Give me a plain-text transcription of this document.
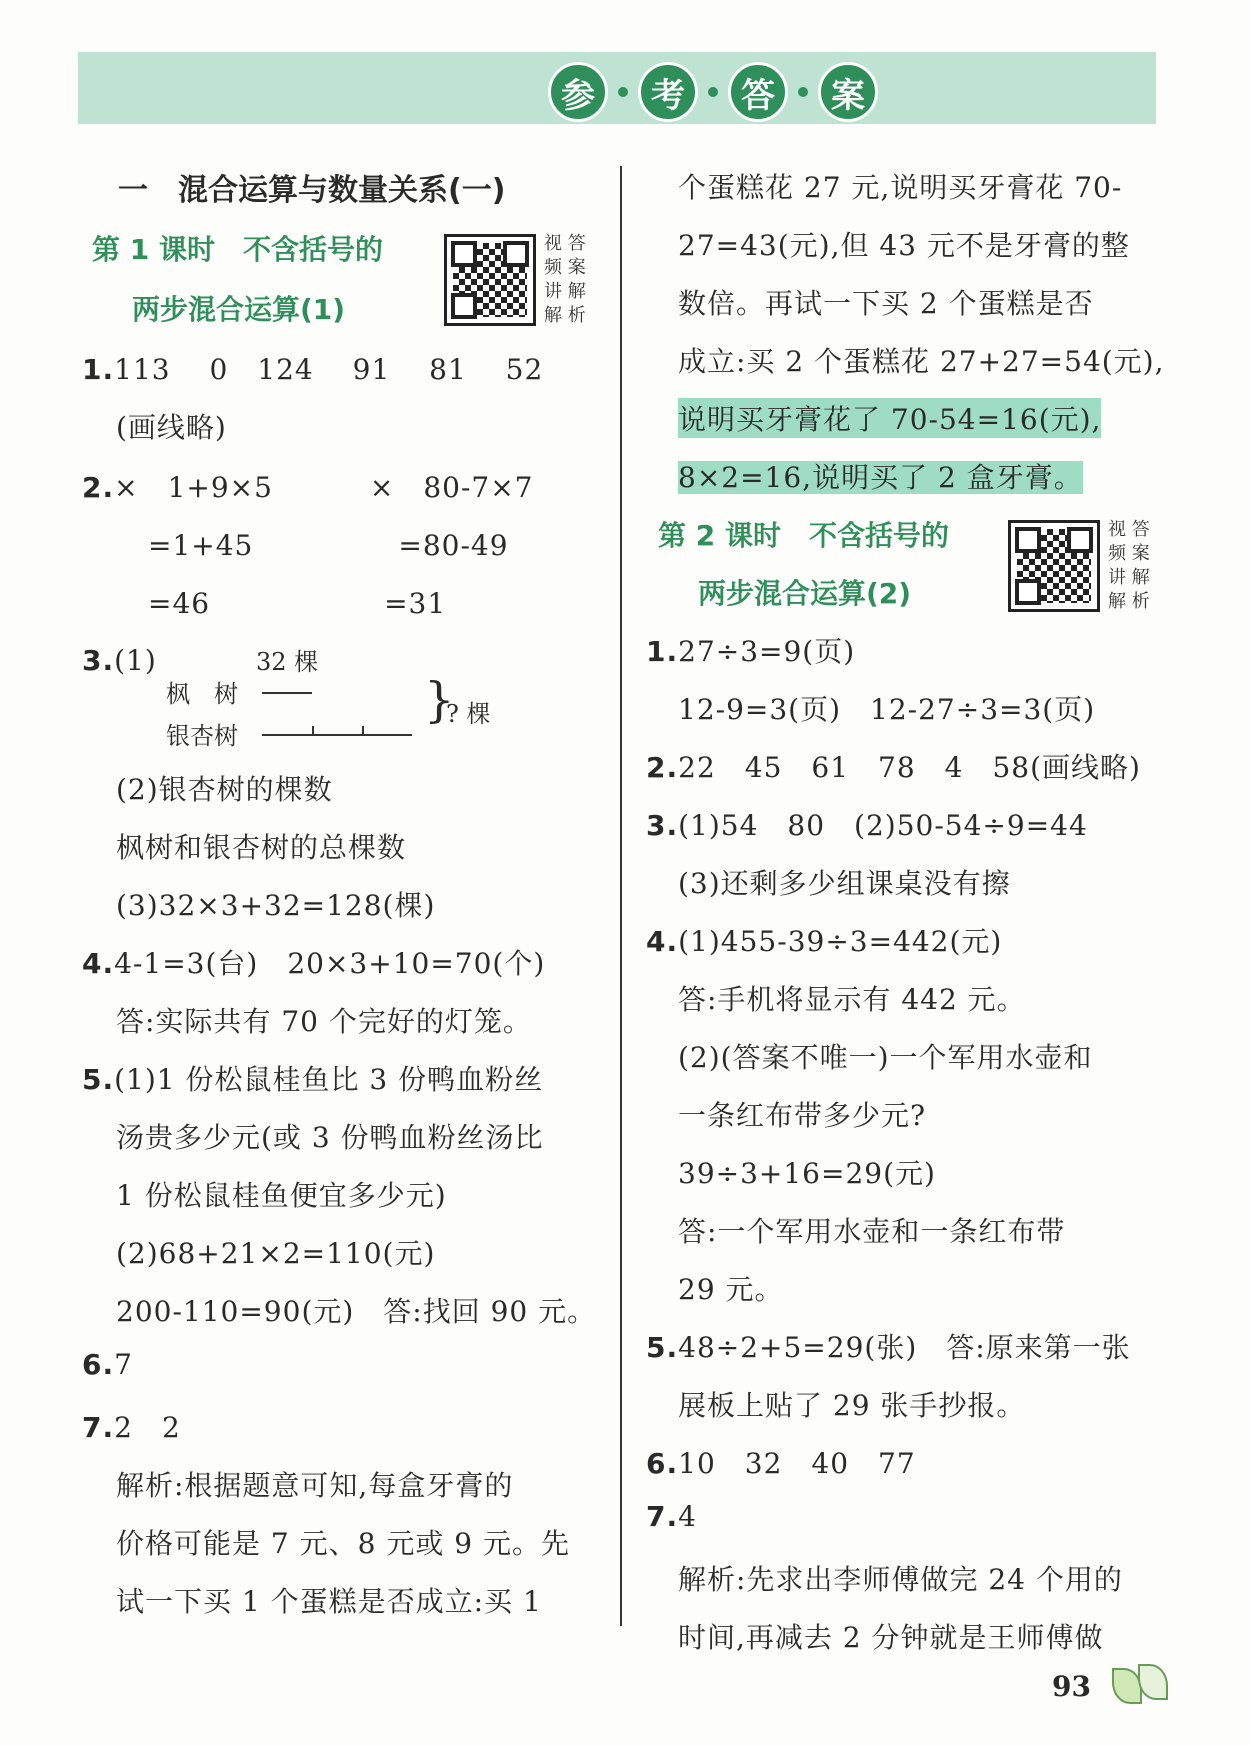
参	考	答	案
一　混合运算与数量关系(一)
第 1 课时　不含括号的
两步混合运算(1)
视 答
频 案
讲 解
解 析
1.113　 0　124　 91　 81　 52
(画线略)
2.×　1+9×5　　　 ×　80-7×7
=1+45　　　　　=80-49
=46　　　　　　=31
3.(1)	32 棵
枫　树
银杏树
}
? 棵
(2)银杏树的棵数
枫树和银杏树的总棵数
(3)32×3+32=128(棵)
4.4-1=3(台)　20×3+10=70(个)
答:实际共有 70 个完好的灯笼。
5.(1)1 份松鼠桂鱼比 3 份鸭血粉丝
汤贵多少元(或 3 份鸭血粉丝汤比
1 份松鼠桂鱼便宜多少元)
(2)68+21×2=110(元)
200-110=90(元)　答:找回 90 元。
6.7
7.2　2
解析:根据题意可知,每盒牙膏的
价格可能是 7 元、8 元或 9 元。先
试一下买 1 个蛋糕是否成立:买 1
个蛋糕花 27 元,说明买牙膏花 70-
27=43(元),但 43 元不是牙膏的整
数倍。再试一下买 2 个蛋糕是否
成立:买 2 个蛋糕花 27+27=54(元),
说明买牙膏花了 70-54=16(元),
8×2=16,说明买了 2 盒牙膏。
第 2 课时　不含括号的
两步混合运算(2)
视 答
频 案
讲 解
解 析
1.27÷3=9(页)
12-9=3(页)　12-27÷3=3(页)
2.22　45　61　78　4　58(画线略)
3.(1)54　80　(2)50-54÷9=44
(3)还剩多少组课桌没有擦
4.(1)455-39÷3=442(元)
答:手机将显示有 442 元。
(2)(答案不唯一)一个军用水壶和
一条红布带多少元?
39÷3+16=29(元)
答:一个军用水壶和一条红布带
29 元。
5.48÷2+5=29(张)　答:原来第一张
展板上贴了 29 张手抄报。
6.10　32　40　77
7.4
解析:先求出李师傅做完 24 个用的
时间,再减去 2 分钟就是王师傅做
93
